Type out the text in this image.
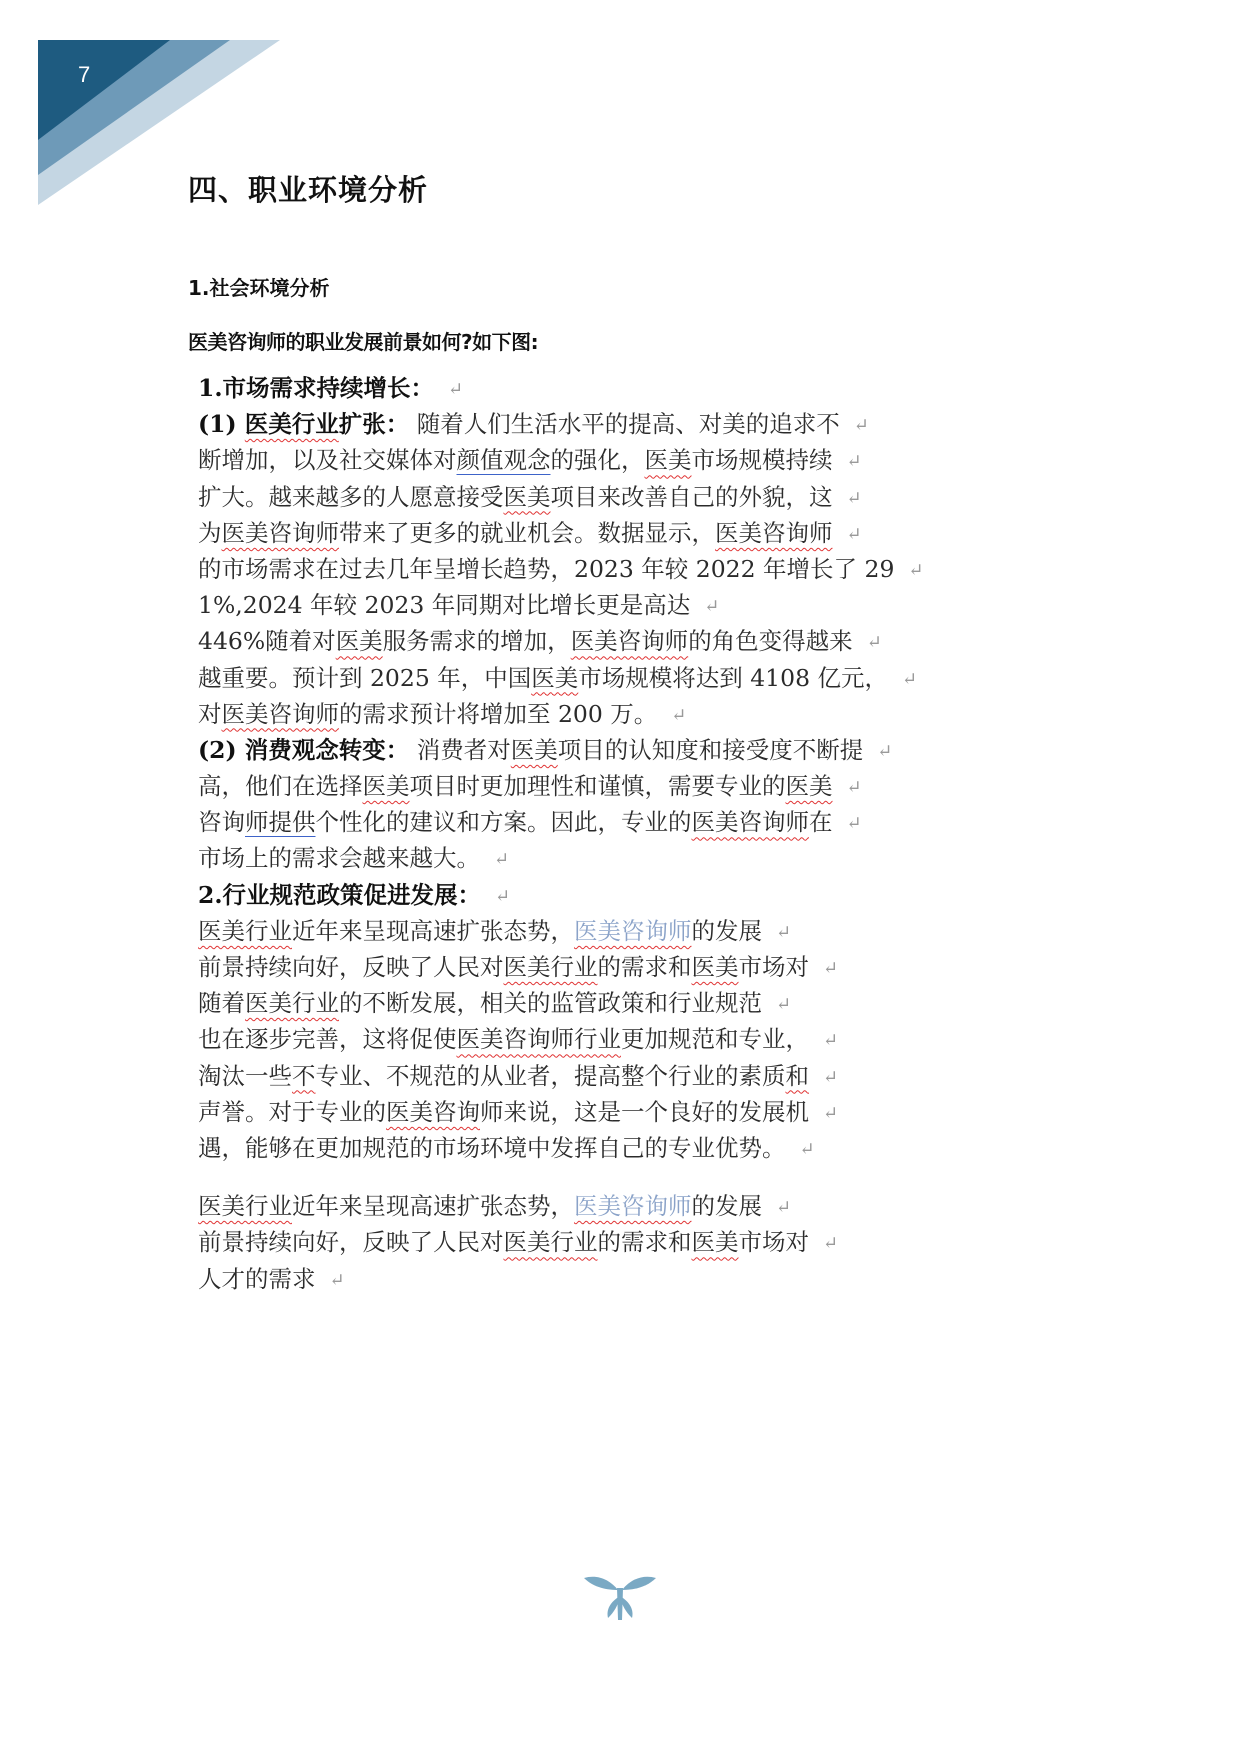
7
四、职业环境分析
1.社会环境分析

医美咨询师的职业发展前景如何?如下图:

1.市场需求持续增长： ↵
(1) 医美行业扩张： 随着人们生活水平的提高、对美的追求不 ↵
断增加，以及社交媒体对颜值观念的强化，医美市场规模持续 ↵
扩大。越来越多的人愿意接受医美项目来改善自己的外貌，这 ↵
为医美咨询师带来了更多的就业机会。数据显示，医美咨询师 ↵
的市场需求在过去几年呈增长趋势，2023 年较 2022 年增长了 29 ↵
1%,2024 年较 2023 年同期对比增长更是高达 ↵
446%随着对医美服务需求的增加，医美咨询师的角色变得越来 ↵
越重要。预计到 2025 年，中国医美市场规模将达到 4108 亿元， ↵
对医美咨询师的需求预计将增加至 200 万。 ↵
(2) 消费观念转变： 消费者对医美项目的认知度和接受度不断提 ↵
高，他们在选择医美项目时更加理性和谨慎，需要专业的医美 ↵
咨询师提供个性化的建议和方案。因此，专业的医美咨询师在 ↵
市场上的需求会越来越大。 ↵
2.行业规范政策促进发展： ↵
医美行业近年来呈现高速扩张态势，医美咨询师的发展 ↵
前景持续向好，反映了人民对医美行业的需求和医美市场对 ↵
随着医美行业的不断发展，相关的监管政策和行业规范 ↵
也在逐步完善，这将促使医美咨询师行业更加规范和专业， ↵
淘汰一些不专业、不规范的从业者，提高整个行业的素质和 ↵
声誉。对于专业的医美咨询师来说，这是一个良好的发展机 ↵
遇，能够在更加规范的市场环境中发挥自己的专业优势。 ↵
医美行业近年来呈现高速扩张态势，医美咨询师的发展 ↵
前景持续向好，反映了人民对医美行业的需求和医美市场对 ↵
人才的需求 ↵
